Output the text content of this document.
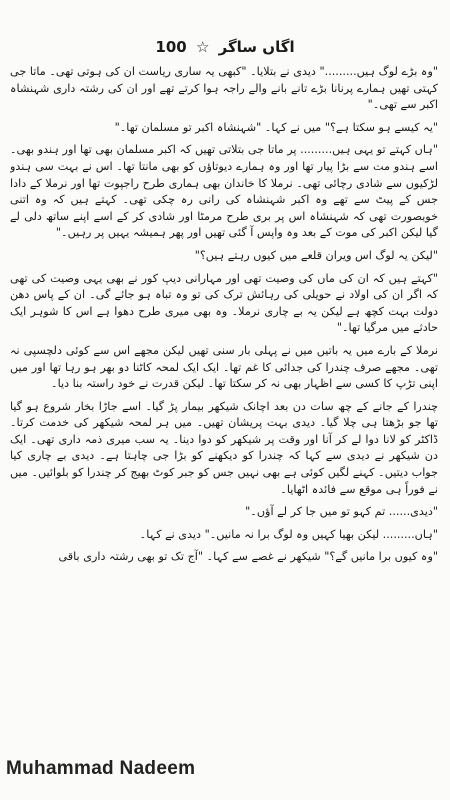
اگاں ساگر ☆ 100

"وہ بڑے لوگ ہیں........." دیدی نے بتلایا۔ "کبھی یہ ساری ریاست ان کی ہوتی تھی۔ ماتا جی کہتی تھیں ہمارے پرنانا بڑے تانے بانے والے راجہ ہوا کرتے تھے اور ان کی رشتہ داری شہنشاہ اکبر سے تھی۔"

"یہ کیسے ہو سکتا ہے؟" میں نے کہا۔ "شہنشاہ اکبر تو مسلمان تھا۔"

"ہاں کہتے تو یہی ہیں......... پر ماتا جی بتلاتی تھیں کہ اکبر مسلمان بھی تھا اور ہندو بھی۔ اسے ہندو مت سے بڑا پیار تھا اور وہ ہمارے دیوتاؤں کو بھی مانتا تھا۔ اس نے بہت سی ہندو لڑکیوں سے شادی رچائی تھی۔ نرملا کا خاندان بھی ہماری طرح راجپوت تھا اور نرملا کے دادا جس کے پیٹ سے تھے وہ اکبر شہنشاہ کی رانی رہ چکی تھی۔ کہتے ہیں کہ وہ اتنی خوبصورت تھی کہ شہنشاہ اس پر بری طرح مرمٹا اور شادی کر کے اسے اپنے ساتھ دلی لے گیا لیکن اکبر کی موت کے بعد وہ واپس آ گئی تھیں اور پھر ہمیشہ یہیں پر رہیں۔"

"لیکن یہ لوگ اس ویران قلعے میں کیوں رہتے ہیں؟"

"کہتے ہیں کہ ان کی ماں کی وصیت تھی اور مہارانی دیپ کور نے بھی یہی وصیت کی تھی کہ اگر ان کی اولاد نے حویلی کی رہائش ترک کی تو وہ تباہ ہو جائے گی۔ ان کے پاس دھن دولت بہت کچھ ہے لیکن یہ بے چاری نرملا۔ وہ بھی میری طرح دھوا ہے اس کا شوہر ایک حادثے میں مرگیا تھا۔"

نرملا کے بارے میں یہ باتیں میں نے پہلی بار سنی تھیں لیکن مجھے اس سے کوئی دلچسپی نہ تھی۔ مجھے صرف چندرا کی جدائی کا غم تھا۔ ایک ایک لمحہ کاٹنا دو بھر ہو رہا تھا اور میں اپنی تڑپ کا کسی سے اظہار بھی نہ کر سکتا تھا۔ لیکن قدرت نے خود راستہ بنا دیا۔

چندرا کے جانے کے چھ سات دن بعد اچانک شیکھر بیمار پڑ گیا۔ اسے جاڑا بخار شروع ہو گیا تھا جو بڑھتا ہی چلا گیا۔ دیدی بہت پریشان تھیں۔ میں ہر لمحہ شیکھر کی خدمت کرتا۔ ڈاکٹر کو لانا دوا لے کر آنا اور وقت پر شیکھر کو دوا دینا۔ یہ سب میری ذمہ داری تھی۔ ایک دن شیکھر نے دیدی سے کہا کہ چندرا کو دیکھنے کو بڑا جی چاہتا ہے۔ دیدی بے چاری کیا جواب دیتیں۔ کہنے لگیں کوئی ہے بھی نہیں جس کو جبر کوٹ بھیج کر چندرا کو بلوائیں۔ میں نے فوراً ہی موقع سے فائدہ اٹھایا۔

"دیدی...... تم کہو تو میں جا کر لے آؤں۔"

"ہاں......... لیکن بھیا کہیں وہ لوگ برا نہ مانیں۔" دیدی نے کہا۔

"وہ کیوں برا مانیں گے؟" شیکھر نے غصے سے کہا۔ "آج تک تو بھی رشتہ داری باقی

Muhammad Nadeem
